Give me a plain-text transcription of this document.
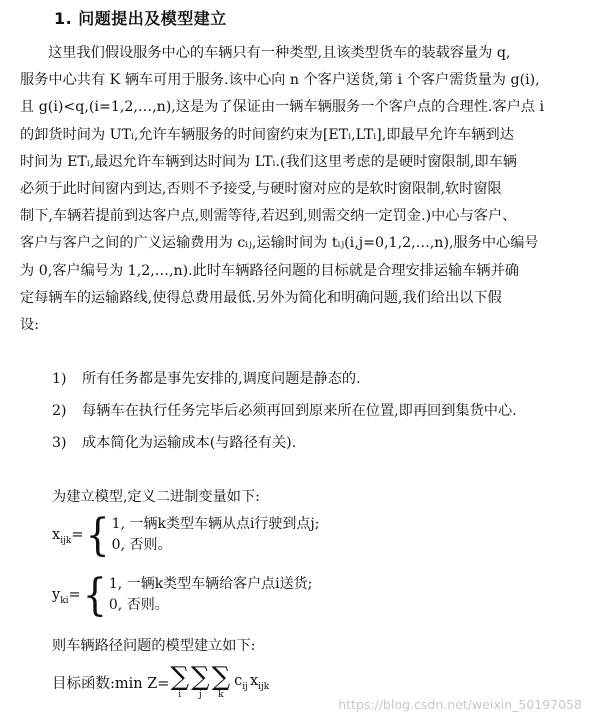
1. 问题提出及模型建立
这里我们假设服务中心的车辆只有一种类型,且该类型货车的装载容量为 q,
服务中心共有 K 辆车可用于服务.该中心向 n 个客户送货,第 i 个客户需货量为 g(i),
且 g(i)<q,(i=1,2,…,n),这是为了保证由一辆车辆服务一个客户点的合理性.客户点 i
的卸货时间为 UTᵢ,允许车辆服务的时间窗约束为[ETᵢ,LTᵢ],即最早允许车辆到达
时间为 ETᵢ,最迟允许车辆到达时间为 LTᵢ.(我们这里考虑的是硬时窗限制,即车辆
必须于此时间窗内到达,否则不予接受,与硬时窗对应的是软时窗限制,软时窗限
制下,车辆若提前到达客户点,则需等待,若迟到,则需交纳一定罚金.)中心与客户、
客户与客户之间的广义运输费用为 cᵢⱼ,运输时间为 tᵢⱼ(i,j=0,1,2,…,n),服务中心编号
为 0,客户编号为 1,2,…,n).此时车辆路径问题的目标就是合理安排运输车辆并确
定每辆车的运输路线,使得总费用最低.另外为简化和明确问题,我们给出以下假
设:
1) 所有任务都是事先安排的,调度问题是静态的.
2) 每辆车在执行任务完毕后必须再回到原来所在位置,即再回到集货中心.
3) 成本简化为运输成本(与路径有关).
为建立模型,定义二进制变量如下:
$x_{ijk}=${ 1, 一辆k类型车辆从点i行驶到点j;
0, 否则。
$y_{ki}=${ 1, 一辆k类型车辆给客户点i送货;
0, 否则。
则车辆路径问题的模型建立如下:
目标函数:min Z= ∑
i
∑
j
∑
k
$c_{ij}$ $x_{ijk}$
https://blog.csdn.net/weixin_50197058
